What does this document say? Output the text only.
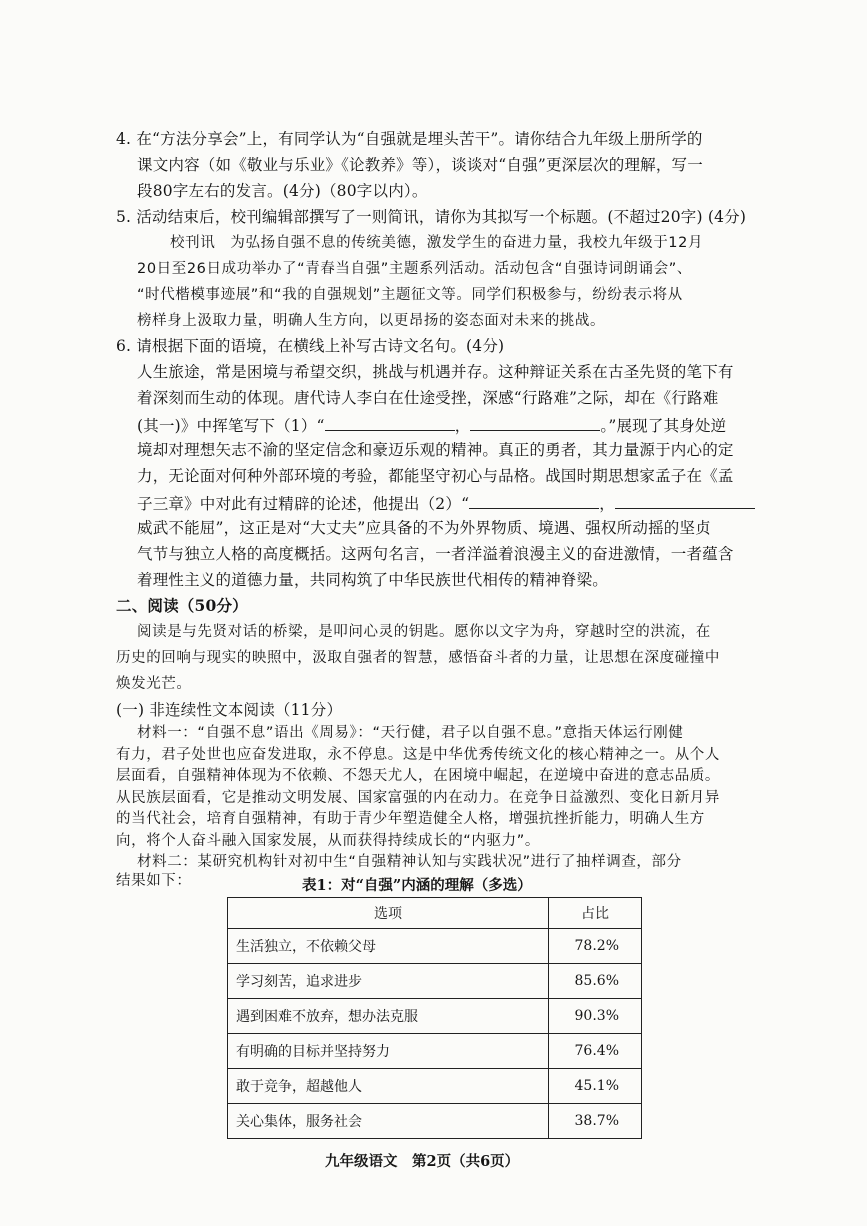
4. 在“方法分享会”上，有同学认为“自强就是埋头苦干”。请你结合九年级上册所学的
课文内容（如《敬业与乐业》《论教养》等），谈谈对“自强”更深层次的理解，写一
段80字左右的发言。(4分)（80字以内）。
5. 活动结束后，校刊编辑部撰写了一则简讯，请你为其拟写一个标题。(不超过20字) (4分)
校刊讯　为弘扬自强不息的传统美德，激发学生的奋进力量，我校九年级于12月
20日至26日成功举办了“青春当自强”主题系列活动。活动包含“自强诗词朗诵会”、
“时代楷模事迹展”和“我的自强规划”主题征文等。同学们积极参与，纷纷表示将从
榜样身上汲取力量，明确人生方向，以更昂扬的姿态面对未来的挑战。
6. 请根据下面的语境，在横线上补写古诗文名句。(4分)
人生旅途，常是困境与希望交织，挑战与机遇并存。这种辩证关系在古圣先贤的笔下有
着深刻而生动的体现。唐代诗人李白在仕途受挫，深感“行路难”之际，却在《行路难
(其一)》中挥笔写下（1）“	，	。”展现了其身处逆
境却对理想矢志不渝的坚定信念和豪迈乐观的精神。真正的勇者，其力量源于内心的定
力，无论面对何种外部环境的考验，都能坚守初心与品格。战国时期思想家孟子在《孟
子三章》中对此有过精辟的论述，他提出（2）“	，
威武不能屈”，这正是对“大丈夫”应具备的不为外界物质、境遇、强权所动摇的坚贞
气节与独立人格的高度概括。这两句名言，一者洋溢着浪漫主义的奋进激情，一者蕴含
着理性主义的道德力量，共同构筑了中华民族世代相传的精神脊梁。
二、阅读（50分）
阅读是与先贤对话的桥梁，是叩问心灵的钥匙。愿你以文字为舟，穿越时空的洪流，在
历史的回响与现实的映照中，汲取自强者的智慧，感悟奋斗者的力量，让思想在深度碰撞中
焕发光芒。
(一) 非连续性文本阅读（11分）
材料一：“自强不息”语出《周易》：“天行健，君子以自强不息。”意指天体运行刚健
有力，君子处世也应奋发进取，永不停息。这是中华优秀传统文化的核心精神之一。从个人
层面看，自强精神体现为不依赖、不怨天尤人，在困境中崛起，在逆境中奋进的意志品质。
从民族层面看，它是推动文明发展、国家富强的内在动力。在竞争日益激烈、变化日新月异
的当代社会，培育自强精神，有助于青少年塑造健全人格，增强抗挫折能力，明确人生方
表1：对“自强”内涵的理解（多选）
选项	占比
生活独立，不依赖父母	78.2%
学习刻苦，追求进步	85.6%
遇到困难不放弃，想办法克服	90.3%
有明确的目标并坚持努力	76.4%
敢于竞争，超越他人	45.1%
关心集体，服务社会	38.7%
九年级语文　第2页（共6页）
向，将个人奋斗融入国家发展，从而获得持续成长的“内驱力”。
材料二：某研究机构针对初中生“自强精神认知与实践状况”进行了抽样调查，部分
结果如下：
